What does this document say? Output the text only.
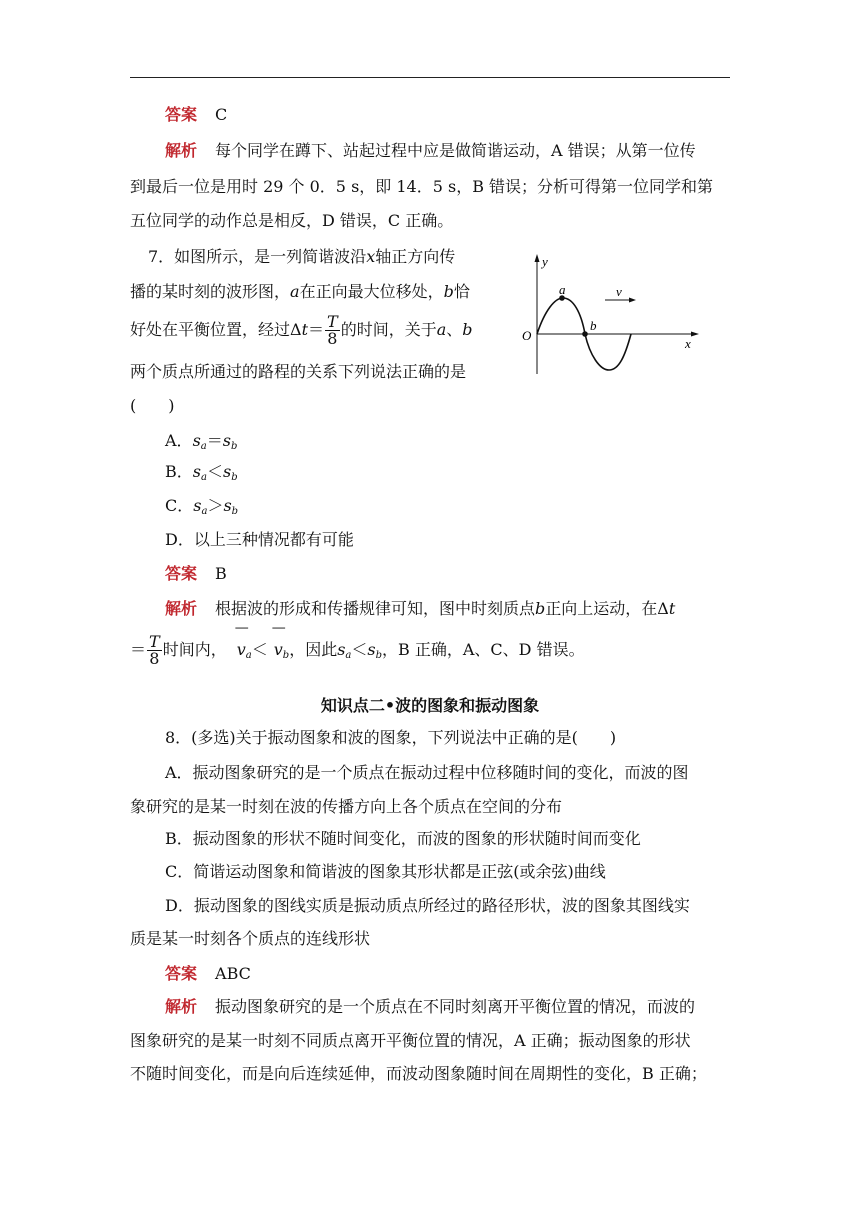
答案 C
解析 每个同学在蹲下、站起过程中应是做简谐运动，A 错误；从第一位传
到最后一位是用时 29 个 0．5 s，即 14．5 s，B 错误；分析可得第一位同学和第
五位同学的动作总是相反，D 错误，C 正确。
7．如图所示，是一列简谐波沿x轴正方向传
播的某时刻的波形图，a在正向最大位移处，b恰
好处在平衡位置，经过$\Delta t= \frac{T}{8}$ 的时间，关于a、b
两个质点所通过的路程的关系下列说法正确的是
(　　)
y
x
O
a
b
v
A．$s_a=s_b$
B．$s_a<s_b$
C．$s_a>s_b$
D．以上三种情况都有可能
答案 B
解析 根据波的形成和传播规律可知，图中时刻质点b正向上运动，在Δt
＝ $\frac{T}{8}$ 时间内，— $v_a<—$ $v_b$，因此$s_a<s_b$，B 正确，A、C、D 错误。
知识点二•波的图象和振动图象
8．(多选)关于振动图象和波的图象，下列说法中正确的是(　　)
A．振动图象研究的是一个质点在振动过程中位移随时间的变化，而波的图
象研究的是某一时刻在波的传播方向上各个质点在空间的分布
B．振动图象的形状不随时间变化，而波的图象的形状随时间而变化
C．简谐运动图象和简谐波的图象其形状都是正弦(或余弦)曲线
D．振动图象的图线实质是振动质点所经过的路径形状，波的图象其图线实
质是某一时刻各个质点的连线形状
答案 ABC
解析 振动图象研究的是一个质点在不同时刻离开平衡位置的情况，而波的
图象研究的是某一时刻不同质点离开平衡位置的情况，A 正确；振动图象的形状
不随时间变化，而是向后连续延伸，而波动图象随时间在周期性的变化，B 正确；
